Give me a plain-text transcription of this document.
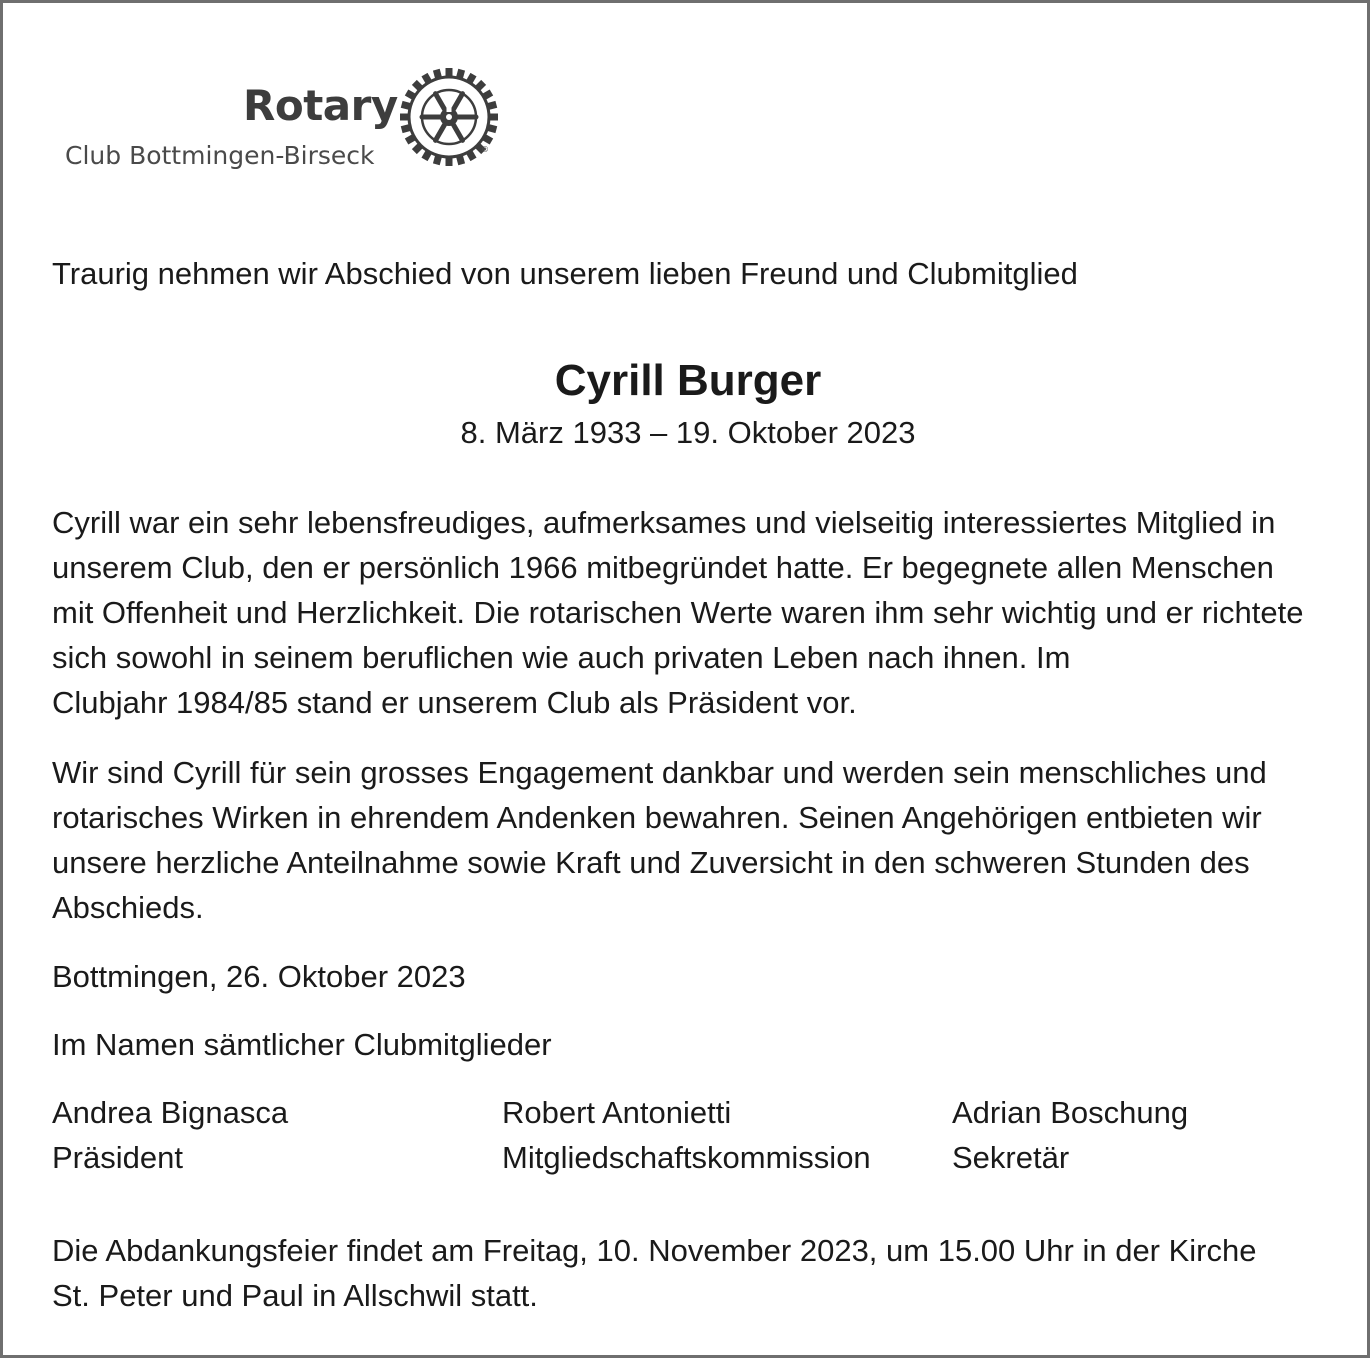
Rotary
Club Bottmingen-Birseck	®
Traurig nehmen wir Abschied von unserem lieben Freund und Clubmitglied
Cyrill Burger
8. März 1933 – 19. Oktober 2023
Cyrill war ein sehr lebensfreudiges, aufmerksames und vielseitig interessiertes Mitglied in
unserem Club, den er persönlich 1966 mitbegründet hatte. Er begegnete allen Menschen
mit Offenheit und Herzlichkeit. Die rotarischen Werte waren ihm sehr wichtig und er richtete
sich sowohl in seinem beruflichen wie auch privaten Leben nach ihnen. Im
Clubjahr 1984/85 stand er unserem Club als Präsident vor.
Wir sind Cyrill für sein grosses Engagement dankbar und werden sein menschliches und
rotarisches Wirken in ehrendem Andenken bewahren. Seinen Angehörigen entbieten wir
unsere herzliche Anteilnahme sowie Kraft und Zuversicht in den schweren Stunden des
Abschieds.
Bottmingen, 26. Oktober 2023
Im Namen sämtlicher Clubmitglieder
Andrea Bignasca
Präsident
Robert Antonietti
Mitgliedschaftskommission
Adrian Boschung
Sekretär
Die Abdankungsfeier findet am Freitag, 10. November 2023, um 15.00 Uhr in der Kirche
St. Peter und Paul in Allschwil statt.
